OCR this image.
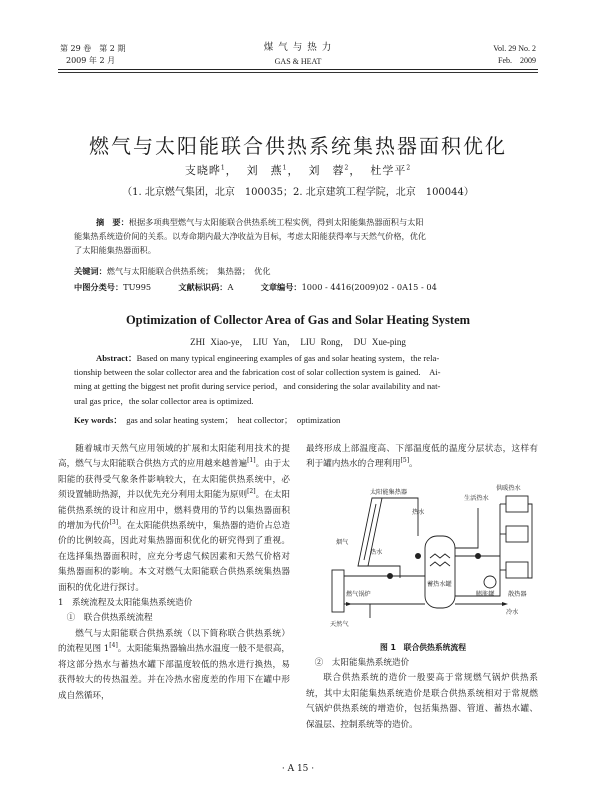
第 29 卷　第 2 期
2009 年 2 月
煤 气 与 热 力
GAS & HEAT
Vol. 29 No. 2
Feb.　2009
燃气与太阳能联合供热系统集热器面积优化
支晓晔$^1$，  刘　燕$^1$，  刘　蓉$^2$，  杜学平$^2$
（1. 北京燃气集团，北京　100035；2. 北京建筑工程学院，北京　100044）
摘　要：根据多项典型燃气与太阳能联合供热系统工程实例，得到太阳能集热器面积与太阳
能集热系统造价间的关系。以寿命期内最大净收益为目标，考虑太阳能获得率与天然气价格，优化
了太阳能集热器面积。
关键词：燃气与太阳能联合供热系统；　集热器；　优化
中图分类号：TU995	文献标识码：A	文章编号：1000 - 4416(2009)02 - 0A15 - 04
Optimization of Collector Area of Gas and Solar Heating System
ZHI Xiao-ye，　LIU Yan，　LIU Rong，　DU Xue-ping
Abstract：Based on many typical engineering examples of gas and solar heating system，the rela-
tionship between the solar collector area and the fabrication cost of solar collection system is gained.　Ai-
ming at getting the biggest net profit during service period，and considering the solar availability and nat-
ural gas price，the solar collector area is optimized.
Key words： gas and solar heating system；　heat collector；　optimization

随着城市天然气应用领域的扩展和太阳能利用技术的提高，燃气与太阳能联合供热方式的应用越来越普遍[1]。由于太阳能的获得受气象条件影响较大，在太阳能供热系统中，必须设置辅助热源，并以优先充分利用太阳能为原则[2]。在太阳能供热系统的设计和应用中，燃料费用的节约以集热器面积的增加为代价[3]。在太阳能供热系统中，集热器的造价占总造价的比例较高，因此对集热器面积优化的研究得到了重视。在选择集热器面积时，应充分考虑气候因素和天然气价格对集热器面积的影响。本文对燃气太阳能联合供热系统集热器面积的优化进行探讨。

1　系统流程及太阳能集热系统造价

①　联合供热系统流程

燃气与太阳能联合供热系统（以下简称联合供热系统）的流程见图 1[4]。太阳能集热器输出热水温度一般不是很高，将这部分热水与蓄热水罐下部温度较低的热水进行换热，易获得较大的传热温差。并在冷热水密度差的作用下在罐中形成自然循环，

最终形成上部温度高、下部温度低的温度分层状态，这样有利于罐内热水的合理利用[5]。

太阳能集热器
热水
生活热水
供暖热水
烟气
热水
蓄热水罐
膨胀罐 散热器
燃气锅炉
天然气
冷水
图 1　联合供热系统流程

②　太阳能集热系统造价

联合供热系统的造价一般要高于常规燃气锅炉供热系统，其中太阳能集热系统造价是联合供热系统相对于常规燃气锅炉供热系统的增造价，包括集热器、管道、蓄热水罐、保温层、控制系统等的造价。

· A 15 ·
